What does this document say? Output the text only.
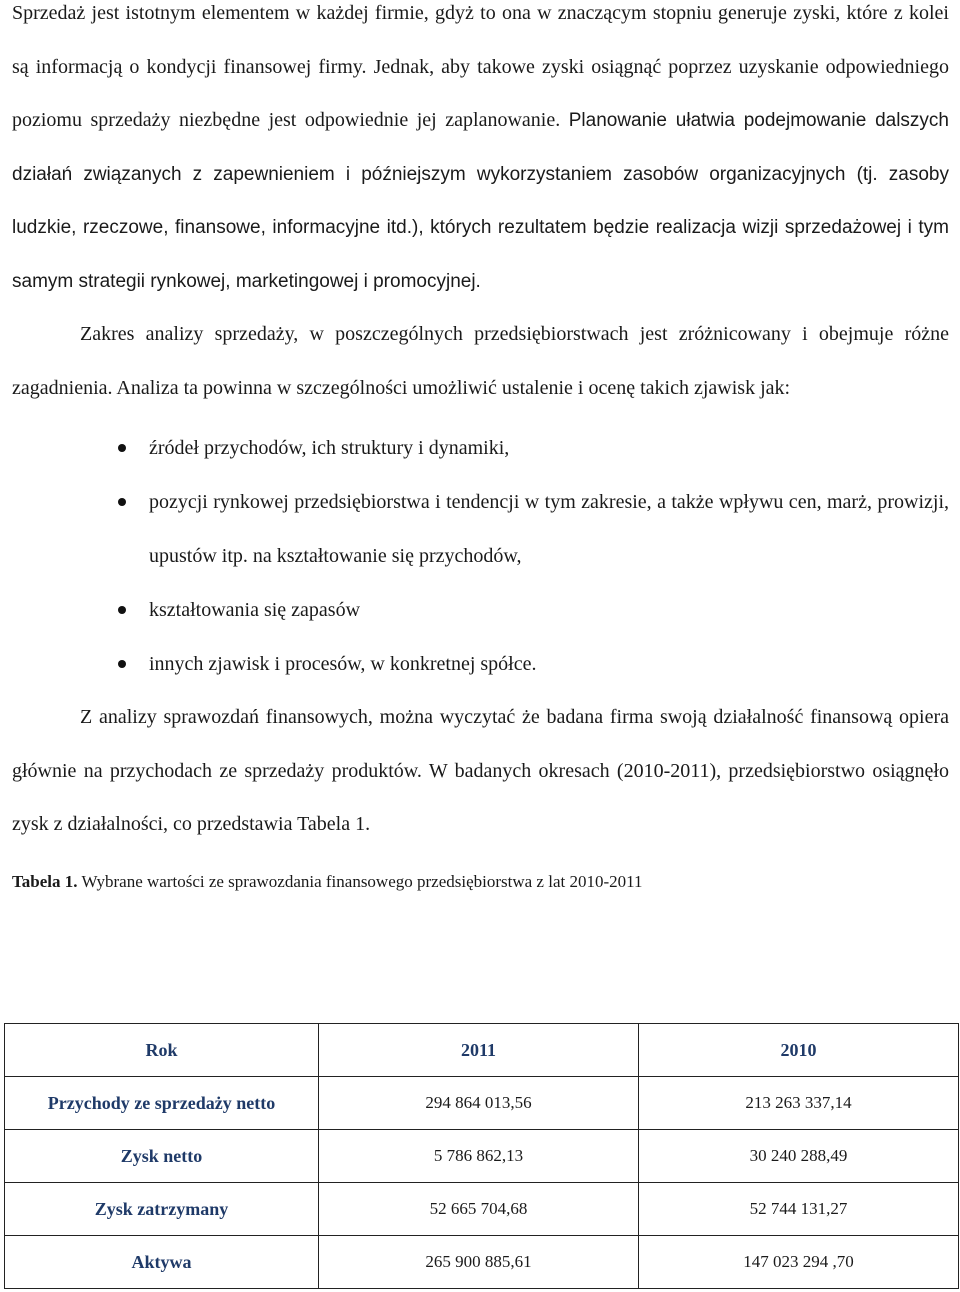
Sprzedaż jest istotnym elementem w każdej firmie, gdyż to ona w znaczącym stopniu generuje zyski, które z kolei są informacją o kondycji finansowej firmy. Jednak, aby takowe zyski osiągnąć poprzez uzyskanie odpowiedniego poziomu sprzedaży niezbędne jest odpowiednie jej zaplanowanie. Planowanie ułatwia podejmowanie dalszych działań związanych z zapewnieniem i późniejszym wykorzystaniem zasobów organizacyjnych (tj. zasoby ludzkie, rzeczowe, finansowe, informacyjne itd.), których rezultatem będzie realizacja wizji sprzedażowej i tym samym strategii rynkowej, marketingowej i promocyjnej.

Zakres analizy sprzedaży, w poszczególnych przedsiębiorstwach jest zróżnicowany i obejmuje różne zagadnienia. Analiza ta powinna w szczególności umożliwić ustalenie i ocenę takich zjawisk jak:

źródeł przychodów, ich struktury i dynamiki,
pozycji rynkowej przedsiębiorstwa i tendencji w tym zakresie, a także wpływu cen, marż, prowizji, upustów itp. na kształtowanie się przychodów,
kształtowania się zapasów
innych zjawisk i procesów, w konkretnej spółce.

Z analizy sprawozdań finansowych, można wyczytać że badana firma swoją działalność finansową opiera głównie na przychodach ze sprzedaży produktów. W badanych okresach (2010-2011), przedsiębiorstwo osiągnęło zysk z działalności, co przedstawia Tabela 1.

Tabela 1. Wybrane wartości ze sprawozdania finansowego przedsiębiorstwa z lat 2010-2011

Rok	2011	2010
Przychody ze sprzedaży netto	294 864 013,56	213 263 337,14
Zysk netto	5 786 862,13	30 240 288,49
Zysk zatrzymany	52 665 704,68	52 744 131,27
Aktywa	265 900 885,61	147 023 294 ,70
